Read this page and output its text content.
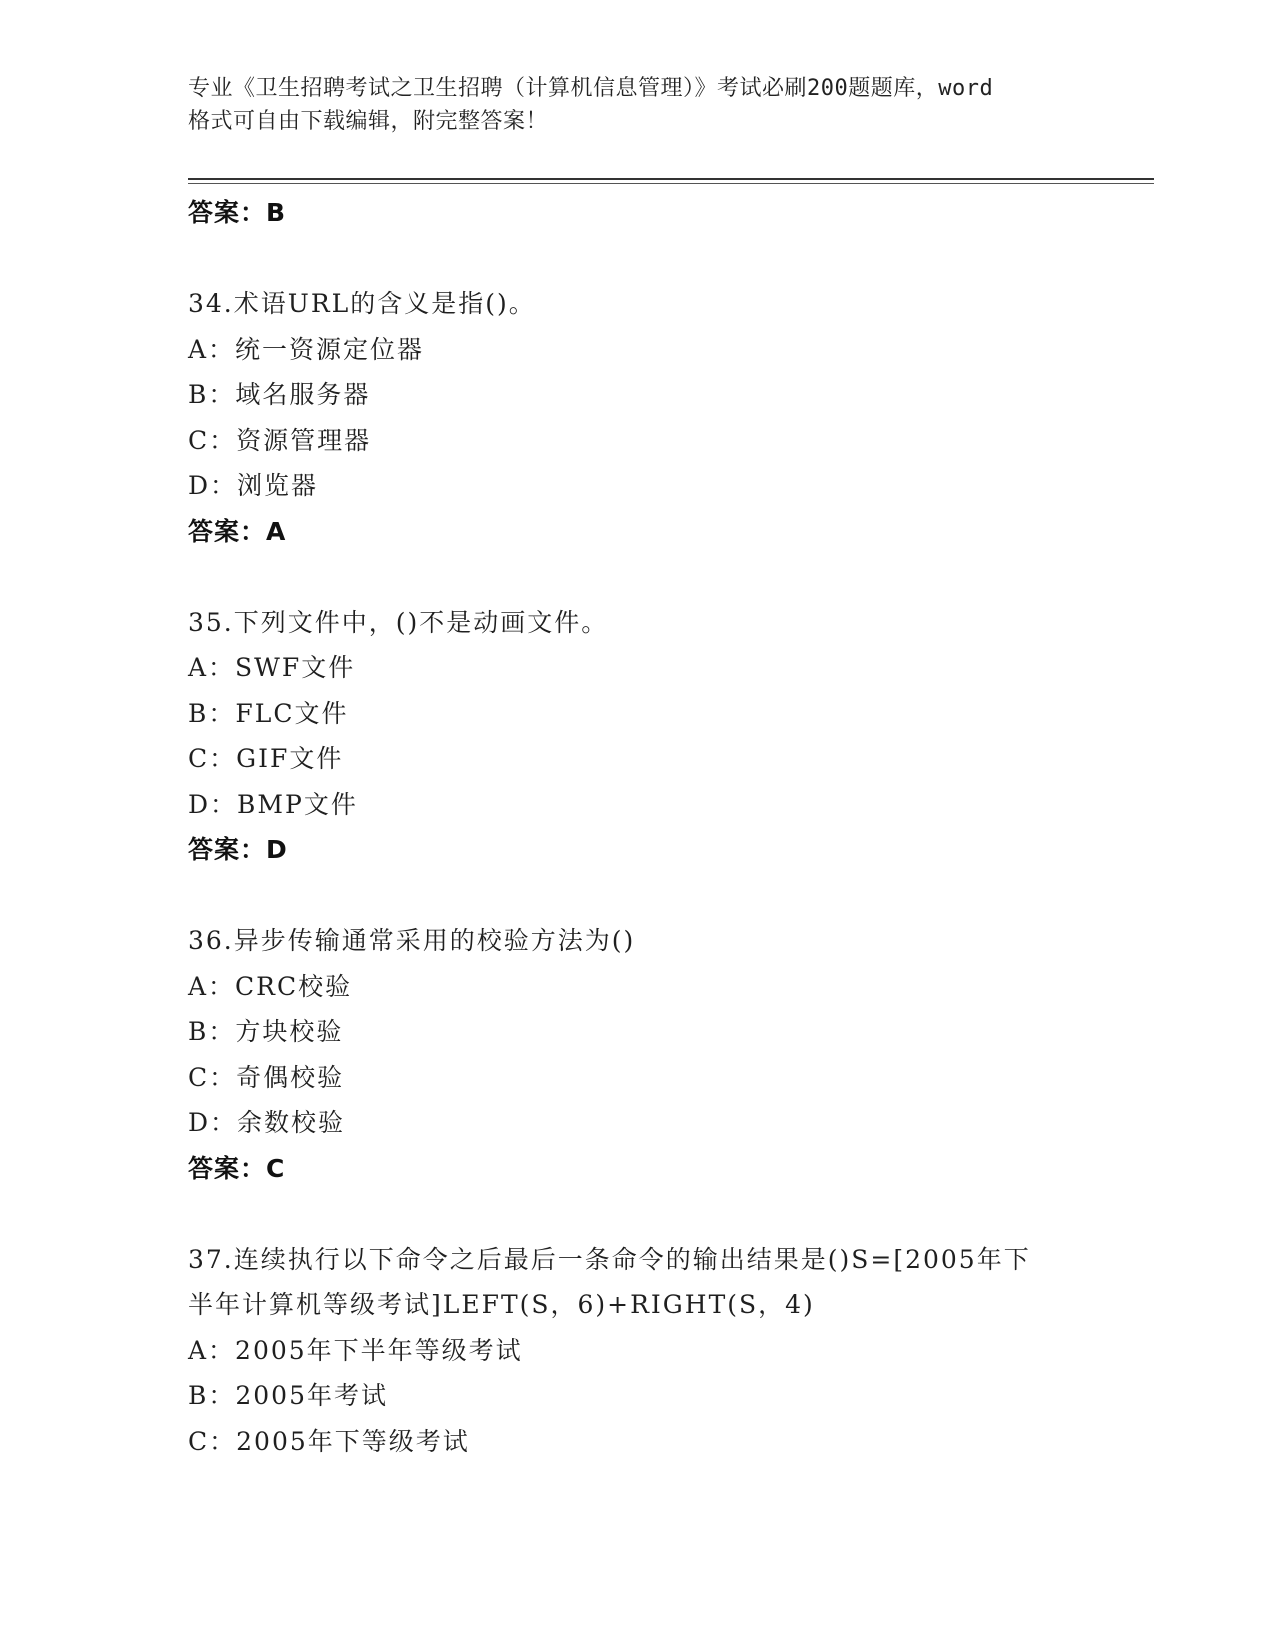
专业《卫生招聘考试之卫生招聘（计算机信息管理）》考试必刷200题题库，word
格式可自由下载编辑，附完整答案！
答案：B
34.术语URL的含义是指()。
A：统一资源定位器
B：域名服务器
C：资源管理器
D：浏览器
答案：A
35.下列文件中，()不是动画文件。
A：SWF文件
B：FLC文件
C：GIF文件
D：BMP文件
答案：D
36.异步传输通常采用的校验方法为()
A：CRC校验
B：方块校验
C：奇偶校验
D：余数校验
答案：C
37.连续执行以下命令之后最后一条命令的输出结果是()S=[2005年下
半年计算机等级考试]LEFT(S，6)+RIGHT(S，4)
A：2005年下半年等级考试
B：2005年考试
C：2005年下等级考试
